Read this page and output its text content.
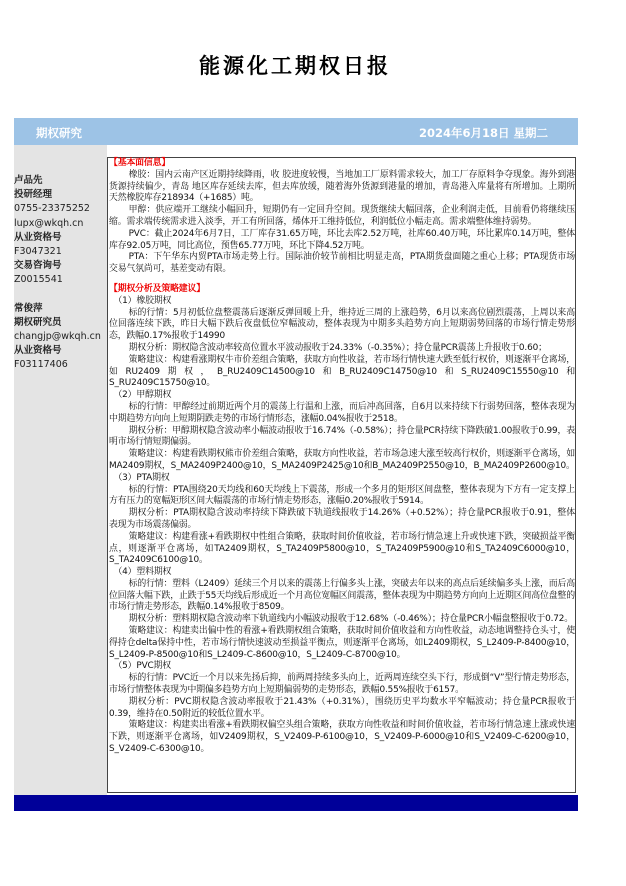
能源化工期权日报
期权研究	2024年6月18日 星期二
卢品先
投研经理
0755-23375252
lupx@wkqh.cn
从业资格号
F3047321
交易咨询号
Z0015541
常俊萍
期权研究员
changjp@wkqh.cn
从业资格号
F03117406
【基本面信息】
橡胶：国内云南产区近期持续降雨，收 胶进度较慢，当地加工厂原料需求较大，加工厂存原料争夺现象。海外到港货源持续偏少，青岛 地区库存延续去库，但去库放缓，随着海外货源到港量的增加，青岛港入库量将有所增加。上期所 天然橡胶库存218934（+1685）吨。
甲醇：供应端开工继续小幅回升，短期仍有一定回升空间。现货继续大幅回落，企业利润走低，目前看仍将继续压缩。需求端传统需求进入淡季，开工有所回落，烯体开工维持低位，利润低位小幅走高。需求端整体维持弱势。
PVC：截止2024年6月7日，工厂库存31.65万吨，环比去库2.52万吨，社库60.40万吨，环比累库0.14万吨，整体库存92.05万吨，同比高位，预售65.77万吨，环比下降4.52万吨。
PTA：下午华东内贸PTA市场走势上行。国际油价较节前相比明显走高，PTA期货盘面随之重心上移；PTA现货市场交易气氛尚可，基差变动有限。
【期权分析及策略建议】
（1）橡胶期权
标的行情：5月初低位盘整震荡后逐渐反弹回暖上升，维持近三周的上涨趋势，6月以来高位剧烈震荡，上周以来高位回落连续下跌，昨日大幅下跌后夜盘低位窄幅波动，整体表现为中期多头趋势方向上短期弱势回落的市场行情走势形态，跌幅0.17%报收于14990
期权分析：期权隐含波动率较高位置水平波动报收于24.33%（-0.35%）；持仓量PCR震荡上升报收于0.60；
策略建议：构建看涨期权牛市价差组合策略，获取方向性收益，若市场行情快速大跌至低行权价，则逐渐平仓离场，如RU2409期权，B_RU2409C14500@10和B_RU2409C14750@10和S_RU2409C15550@10和S_RU2409C15750@10。
（2）甲醇期权
标的行情：甲醇经过前期近两个月的震荡上行温和上涨，而后冲高回落，自6月以来持续下行弱势回落，整体表现为中期趋势方向向上短期阴跌走势的市场行情形态，涨幅0.04%报收于2518。
期权分析：甲醇期权隐含波动率小幅波动报收于16.74%（-0.58%）；持仓量PCR持续下降跌破1.00报收于0.99，表明市场行情短期偏弱。
策略建议：构建看跌期权熊市价差组合策略，获取方向性收益，若市场急速大涨至较高行权价，则逐渐平仓离场，如MA2409期权，S_MA2409P2400@10，S_MA2409P2425@10和B_MA2409P2550@10，B_MA2409P2600@10。
（3）PTA期权
标的行情：PTA围绕20天均线和60天均线上下震荡，形成一个多月的矩形区间盘整，整体表现为下方有一定支撑上方有压力的宽幅矩形区间大幅震荡的市场行情走势形态，涨幅0.20%报收于5914。
期权分析：PTA期权隐含波动率持续下降跌破下轨道线报收于14.26%（+0.52%）；持仓量PCR报收于0.91，整体表现为市场震荡偏弱。
策略建议：构建看涨+看跌期权中性组合策略，获取时间价值收益，若市场行情急速上升或快速下跌，突破损益平衡点，则逐渐平仓离场，如TA2409期权，S_TA2409P5800@10，S_TA2409P5900@10和S_TA2409C6000@10，S_TA2409C6100@10。
（4）塑料期权
标的行情：塑料（L2409）延续三个月以来的震荡上行偏多头上涨，突破去年以来的高点后延续偏多头上涨，而后高位回落大幅下跌，止跌于55天均线后形成近一个月高位宽幅区间震荡，整体表现为中期趋势方向向上近期区间高位盘整的市场行情走势形态，跌幅0.14%报收于8509。
期权分析：塑料期权隐含波动率下轨道线内小幅波动报收于12.68%（-0.46%）；持仓量PCR小幅盘整报收于0.72。
策略建议：构建卖出偏中性的看涨+看跌期权组合策略，获取时间价值收益和方向性收益，动态地调整持仓头寸，使得持仓delta保持中性，若市场行情快速波动至损益平衡点，则逐渐平仓离场，如L2409期权，S_L2409-P-8400@10，S_L2409-P-8500@10和S_L2409-C-8600@10，S_L2409-C-8700@10。
（5）PVC期权
标的行情：PVC近一个月以来先扬后抑，前两周持续多头向上，近两周连续空头下行，形成倒“V”型行情走势形态，市场行情整体表现为中期偏多趋势方向上短期偏弱势的走势形态，跌幅0.55%报收于6157。
期权分析：PVC期权隐含波动率报收于21.43%（+0.31%），围绕历史平均数水平窄幅波动；持仓量PCR报收于0.39，维持在0.50附近的较低位置水平。
策略建议：构建卖出看涨+看跌期权偏空头组合策略，获取方向性收益和时间价值收益，若市场行情急速上涨或快速下跌，则逐渐平仓离场，如V2409期权，S_V2409-P-6100@10，S_V2409-P-6000@10和S_V2409-C-6200@10，S_V2409-C-6300@10。
